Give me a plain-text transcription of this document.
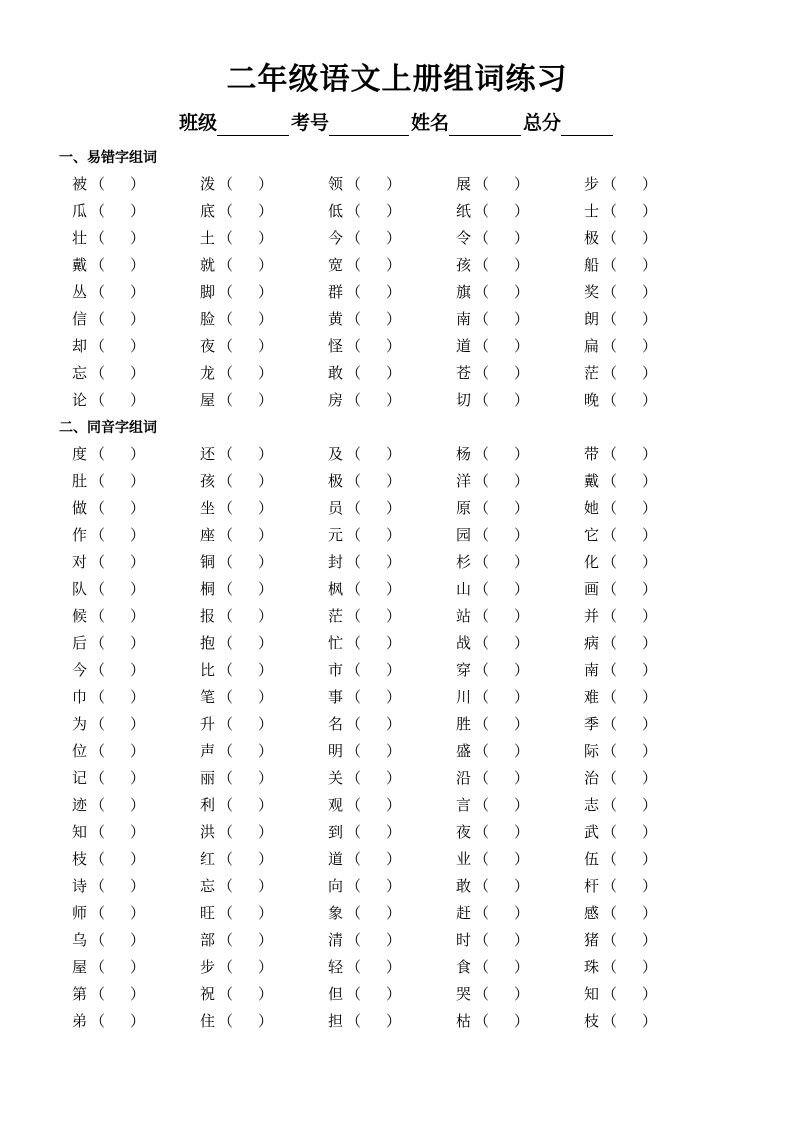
二年级语文上册组词练习
班级	考号	姓名	总分
一、易错字组词
被 （ ）	泼 （ ）	领 （ ）	展 （ ）	步 （ ）
瓜 （ ）	底 （ ）	低 （ ）	纸 （ ）	士 （ ）
壮 （ ）	土 （ ）	今 （ ）	令 （ ）	极 （ ）
戴 （ ）	就 （ ）	宽 （ ）	孩 （ ）	船 （ ）
丛 （ ）	脚 （ ）	群 （ ）	旗 （ ）	奖 （ ）
信 （ ）	脸 （ ）	黄 （ ）	南 （ ）	朗 （ ）
却 （ ）	夜 （ ）	怪 （ ）	道 （ ）	扁 （ ）
忘 （ ）	龙 （ ）	敢 （ ）	苍 （ ）	茫 （ ）
论 （ ）	屋 （ ）	房 （ ）	切 （ ）	晚 （ ）
二、同音字组词
度 （ ）	还 （ ）	及 （ ）	杨 （ ）	带 （ ）
肚 （ ）	孩 （ ）	极 （ ）	洋 （ ）	戴 （ ）
做 （ ）	坐 （ ）	员 （ ）	原 （ ）	她 （ ）
作 （ ）	座 （ ）	元 （ ）	园 （ ）	它 （ ）
对 （ ）	铜 （ ）	封 （ ）	杉 （ ）	化 （ ）
队 （ ）	桐 （ ）	枫 （ ）	山 （ ）	画 （ ）
候 （ ）	报 （ ）	茫 （ ）	站 （ ）	并 （ ）
后 （ ）	抱 （ ）	忙 （ ）	战 （ ）	病 （ ）
今 （ ）	比 （ ）	市 （ ）	穿 （ ）	南 （ ）
巾 （ ）	笔 （ ）	事 （ ）	川 （ ）	难 （ ）
为 （ ）	升 （ ）	名 （ ）	胜 （ ）	季 （ ）
位 （ ）	声 （ ）	明 （ ）	盛 （ ）	际 （ ）
记 （ ）	丽 （ ）	关 （ ）	沿 （ ）	治 （ ）
迹 （ ）	利 （ ）	观 （ ）	言 （ ）	志 （ ）
知 （ ）	洪 （ ）	到 （ ）	夜 （ ）	武 （ ）
枝 （ ）	红 （ ）	道 （ ）	业 （ ）	伍 （ ）
诗 （ ）	忘 （ ）	向 （ ）	敢 （ ）	杆 （ ）
师 （ ）	旺 （ ）	象 （ ）	赶 （ ）	感 （ ）
乌 （ ）	部 （ ）	清 （ ）	时 （ ）	猪 （ ）
屋 （ ）	步 （ ）	轻 （ ）	食 （ ）	珠 （ ）
第 （ ）	祝 （ ）	但 （ ）	哭 （ ）	知 （ ）
弟 （ ）	住 （ ）	担 （ ）	枯 （ ）	枝 （ ）
